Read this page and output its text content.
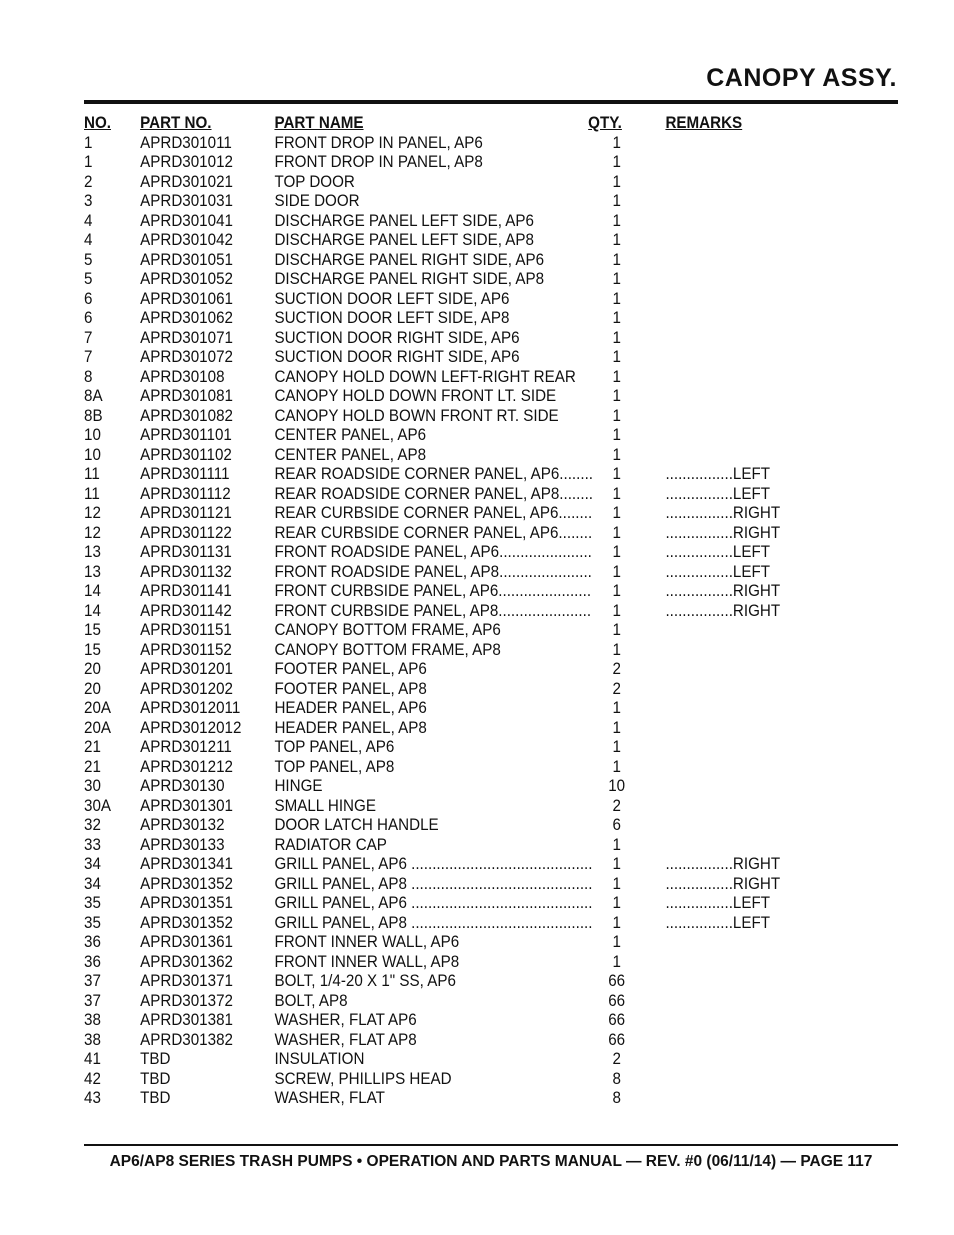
CANOPY ASSY.
NO. PART NO.	PART NAME	QTY.	REMARKS
1	APRD301011	FRONT DROP IN PANEL, AP6	1
1	APRD301012	FRONT DROP IN PANEL, AP8	1
2	APRD301021	TOP DOOR	1
3	APRD301031	SIDE DOOR	1
4	APRD301041	DISCHARGE PANEL LEFT SIDE, AP6	1
4	APRD301042	DISCHARGE PANEL LEFT SIDE, AP8	1
5	APRD301051	DISCHARGE PANEL RIGHT SIDE, AP6	1
5	APRD301052	DISCHARGE PANEL RIGHT SIDE, AP8	1
6	APRD301061	SUCTION DOOR LEFT SIDE, AP6	1
6	APRD301062	SUCTION DOOR LEFT SIDE, AP8	1
7	APRD301071	SUCTION DOOR RIGHT SIDE, AP6	1
7	APRD301072	SUCTION DOOR RIGHT SIDE, AP6	1
8	APRD30108	CANOPY HOLD DOWN LEFT-RIGHT REAR	1
8A APRD301081	CANOPY HOLD DOWN FRONT LT. SIDE	1
8B APRD301082	CANOPY HOLD BOWN FRONT RT. SIDE	1
10 APRD301101	CENTER PANEL, AP6	1
10 APRD301102	CENTER PANEL, AP8	1
11 APRD301111	REAR ROADSIDE CORNER PANEL, AP6........	1	................LEFT
11 APRD301112	REAR ROADSIDE CORNER PANEL, AP8........	1	................LEFT
12 APRD301121	REAR CURBSIDE CORNER PANEL, AP6........	1	................RIGHT
12 APRD301122	REAR CURBSIDE CORNER PANEL, AP6........	1	................RIGHT
13 APRD301131	FRONT ROADSIDE PANEL, AP6......................	1	................LEFT
13 APRD301132	FRONT ROADSIDE PANEL, AP8......................	1	................LEFT
14 APRD301141	FRONT CURBSIDE PANEL, AP6......................	1	................RIGHT
14 APRD301142	FRONT CURBSIDE PANEL, AP8......................	1	................RIGHT
15 APRD301151	CANOPY BOTTOM FRAME, AP6	1
15 APRD301152	CANOPY BOTTOM FRAME, AP8	1
20 APRD301201	FOOTER PANEL, AP6	2
20 APRD301202	FOOTER PANEL, AP8	2
20A APRD3012011 HEADER PANEL, AP6	1
20A APRD3012012 HEADER PANEL, AP8	1
21 APRD301211	TOP PANEL, AP6	1
21 APRD301212	TOP PANEL, AP8	1
30 APRD30130	HINGE	10
30A APRD301301	SMALL HINGE	2
32 APRD30132	DOOR LATCH HANDLE	6
33 APRD30133	RADIATOR CAP	1
34 APRD301341	GRILL PANEL, AP6 ...........................................	1	................RIGHT
34 APRD301352	GRILL PANEL, AP8 ...........................................	1	................RIGHT
35 APRD301351	GRILL PANEL, AP6 ...........................................	1	................LEFT
35 APRD301352	GRILL PANEL, AP8 ...........................................	1	................LEFT
36 APRD301361	FRONT INNER WALL, AP6	1
36 APRD301362	FRONT INNER WALL, AP8	1
37 APRD301371	BOLT, 1/4-20 X 1" SS, AP6	66
37 APRD301372	BOLT, AP8	66
38 APRD301381	WASHER, FLAT AP6	66
38 APRD301382	WASHER, FLAT AP8	66
41 TBD	INSULATION	2
42 TBD	SCREW, PHILLIPS HEAD	8
43 TBD	WASHER, FLAT	8
AP6/AP8 SERIES TRASH PUMPS • OPERATION AND PARTS MANUAL — REV. #0 (06/11/14) — PAGE 117
